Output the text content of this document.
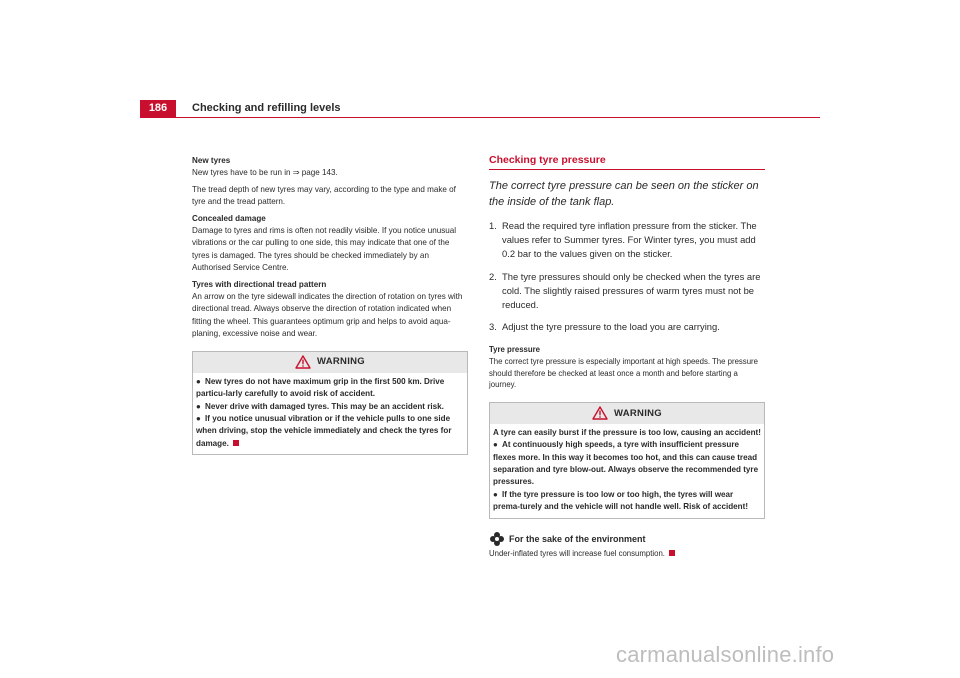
186	Checking and refilling levels

New tyres

New tyres have to be run in ⇒ page 143.

The tread depth of new tyres may vary, according to the type and make of tyre and the tread pattern.

Concealed damage

Damage to tyres and rims is often not readily visible. If you notice unusual vibrations or the car pulling to one side, this may indicate that one of the tyres is damaged. The tyres should be checked immediately by an Authorised Service Centre.

Tyres with directional tread pattern

An arrow on the tyre sidewall indicates the direction of rotation on tyres with directional tread. Always observe the direction of rotation indicated when fitting the wheel. This guarantees optimum grip and helps to avoid aqua-planing, excessive noise and wear.

WARNING

● New tyres do not have maximum grip in the first 500 km. Drive particu-larly carefully to avoid risk of accident.

● Never drive with damaged tyres. This may be an accident risk.

● If you notice unusual vibration or if the vehicle pulls to one side when driving, stop the vehicle immediately and check the tyres for damage.

Checking tyre pressure

The correct tyre pressure can be seen on the sticker on the inside of the tank flap.

1. Read the required tyre inflation pressure from the sticker. The values refer to Summer tyres. For Winter tyres, you must add 0.2 bar to the values given on the sticker.
2. The tyre pressures should only be checked when the tyres are cold. The slightly raised pressures of warm tyres must not be reduced.
3. Adjust the tyre pressure to the load you are carrying.

Tyre pressure

The correct tyre pressure is especially important at high speeds. The pressure should therefore be checked at least once a month and before starting a journey.

WARNING

A tyre can easily burst if the pressure is too low, causing an accident!

● At continuously high speeds, a tyre with insufficient pressure flexes more. In this way it becomes too hot, and this can cause tread separation and tyre blow-out. Always observe the recommended tyre pressures.

● If the tyre pressure is too low or too high, the tyres will wear prema-turely and the vehicle will not handle well. Risk of accident!

For the sake of the environment

Under-inflated tyres will increase fuel consumption.

carmanualsonline.info
